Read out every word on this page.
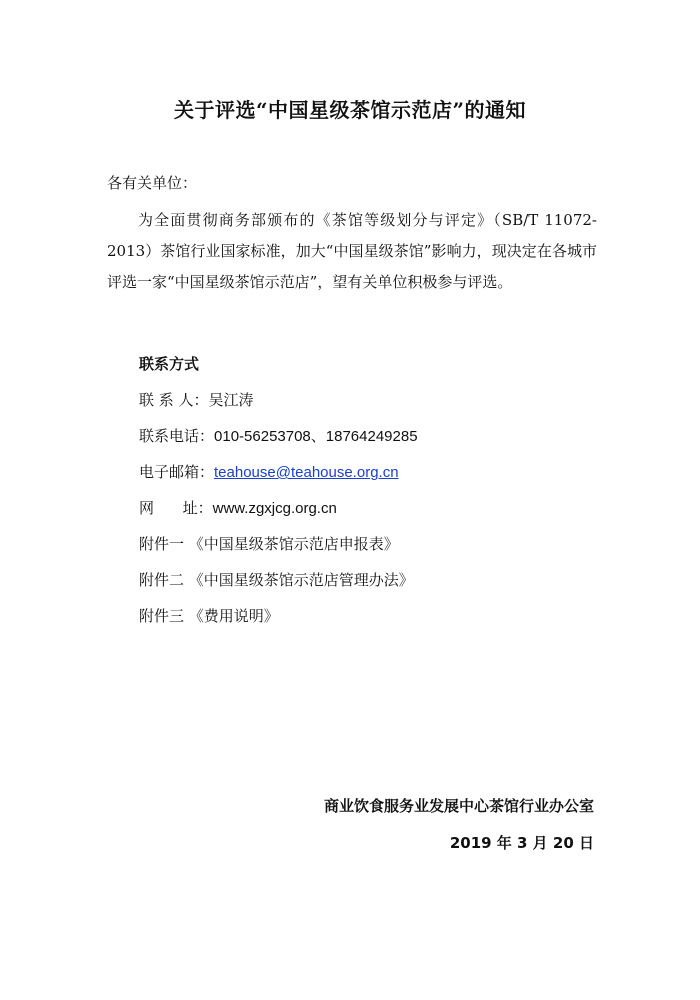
关于评选“中国星级茶馆示范店”的通知
各有关单位：
为全面贯彻商务部颁布的《茶馆等级划分与评定》（SB/T 11072-2013）茶馆行业国家标准，加大“中国星级茶馆”影响力，现决定在各城市评选一家“中国星级茶馆示范店”，望有关单位积极参与评选。
联系方式
联 系 人：吴江涛
联系电话：010-56253708、18764249285
电子邮箱：teahouse@teahouse.org.cn
网      址：www.zgxjcg.org.cn
附件一 《中国星级茶馆示范店申报表》
附件二 《中国星级茶馆示范店管理办法》
附件三 《费用说明》
商业饮食服务业发展中心茶馆行业办公室
2019 年 3 月 20 日
